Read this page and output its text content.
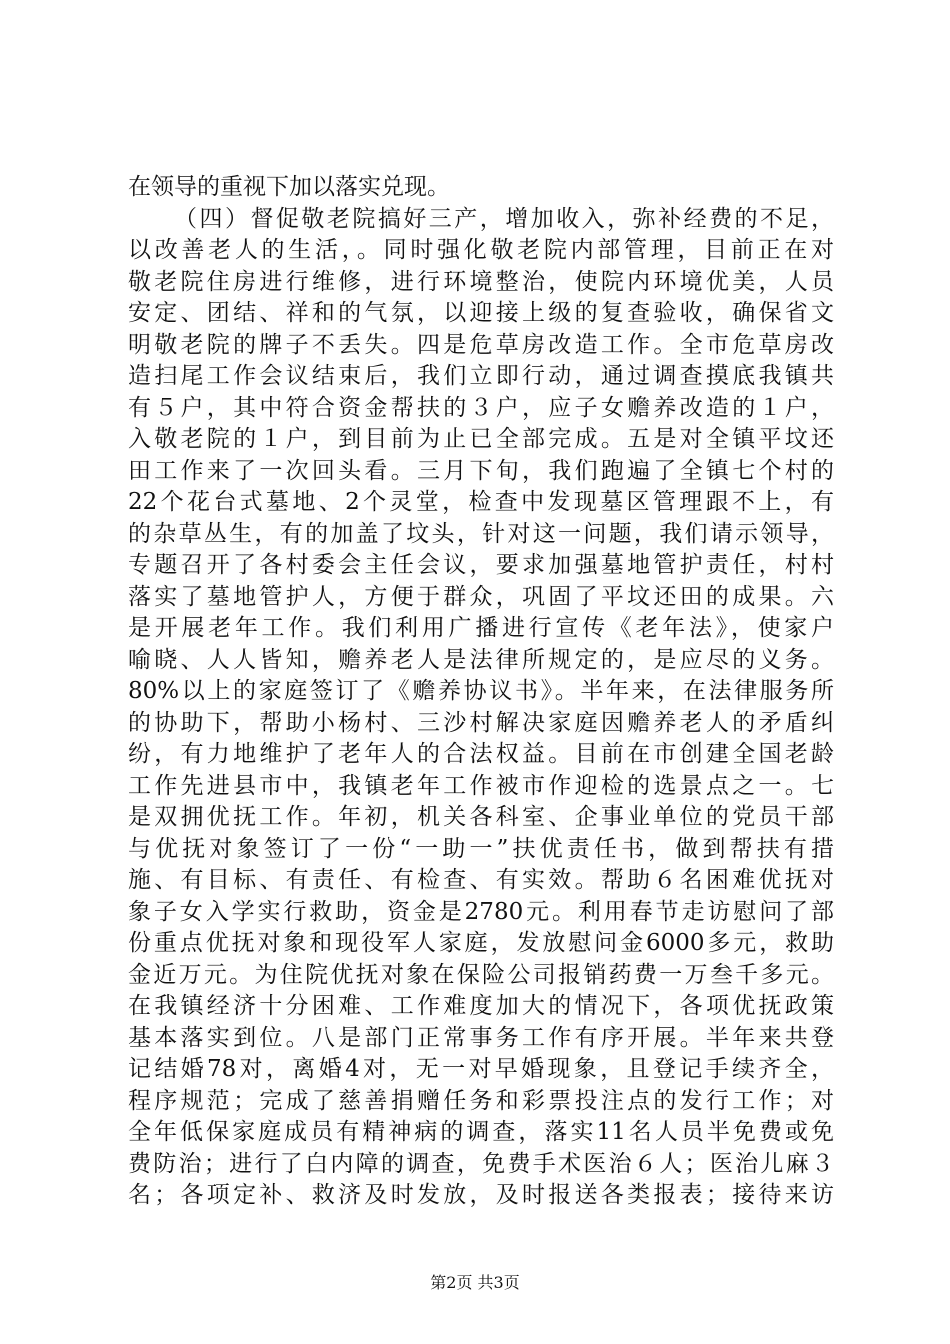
在领导的重视下加以落实兑现。
（四）督促敬老院搞好三产，增加收入，弥补经费的不足，
以改善老人的生活，。同时强化敬老院内部管理，目前正在对
敬老院住房进行维修，进行环境整治，使院内环境优美，人员
安定、团结、祥和的气氛，以迎接上级的复查验收，确保省文
明敬老院的牌子不丢失。四是危草房改造工作。全市危草房改
造扫尾工作会议结束后，我们立即行动，通过调查摸底我镇共
有５户，其中符合资金帮扶的３户，应子女赡养改造的１户，
入敬老院的１户，到目前为止已全部完成。五是对全镇平坟还
田工作来了一次回头看。三月下旬，我们跑遍了全镇七个村的
22个花台式墓地、2个灵堂，检查中发现墓区管理跟不上，有
的杂草丛生，有的加盖了坟头，针对这一问题，我们请示领导，
专题召开了各村委会主任会议，要求加强墓地管护责任，村村
落实了墓地管护人，方便于群众，巩固了平坟还田的成果。六
是开展老年工作。我们利用广播进行宣传《老年法》，使家户
喻晓、人人皆知，赡养老人是法律所规定的，是应尽的义务。
80%以上的家庭签订了《赡养协议书》。半年来，在法律服务所
的协助下，帮助小杨村、三沙村解决家庭因赡养老人的矛盾纠
纷，有力地维护了老年人的合法权益。目前在市创建全国老龄
工作先进县市中，我镇老年工作被市作迎检的选景点之一。七
是双拥优抚工作。年初，机关各科室、企事业单位的党员干部
与优抚对象签订了一份“一助一”扶优责任书，做到帮扶有措
施、有目标、有责任、有检查、有实效。帮助６名困难优抚对
象子女入学实行救助，资金是2780元。利用春节走访慰问了部
份重点优抚对象和现役军人家庭，发放慰问金6000多元，救助
金近万元。为住院优抚对象在保险公司报销药费一万叁千多元。
在我镇经济十分困难、工作难度加大的情况下，各项优抚政策
基本落实到位。八是部门正常事务工作有序开展。半年来共登
记结婚78对，离婚4对，无一对早婚现象，且登记手续齐全，
程序规范；完成了慈善捐赠任务和彩票投注点的发行工作；对
全年低保家庭成员有精神病的调查，落实11名人员半免费或免
费防治；进行了白内障的调查，免费手术医治６人；医治儿麻３
名；各项定补、救济及时发放，及时报送各类报表；接待来访
第2页 共3页
